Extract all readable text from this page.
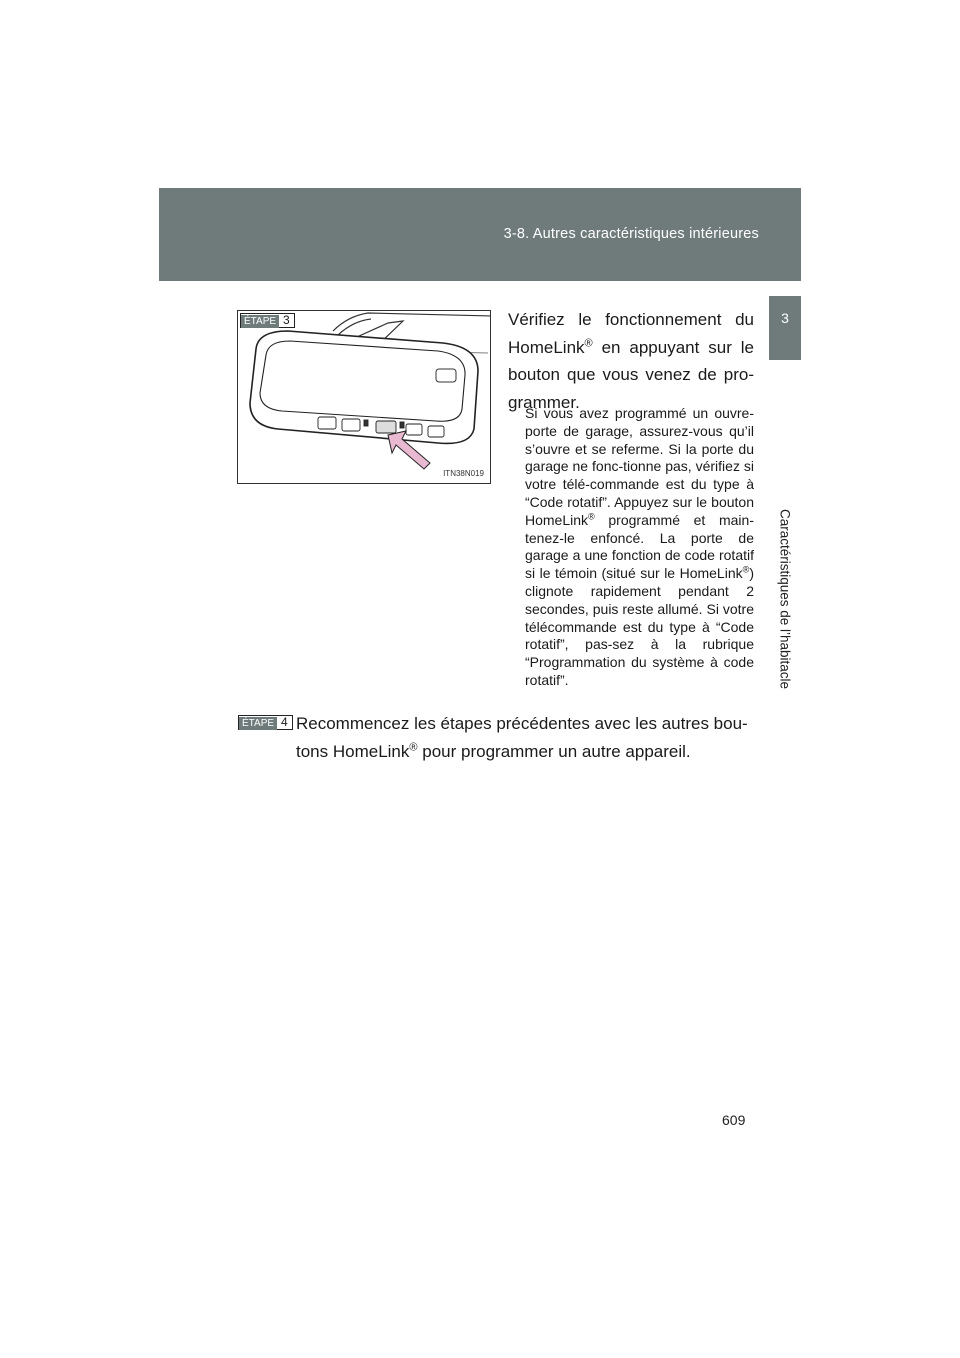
3-8. Autres caractéristiques intérieures
3
Caractéristiques de l’habitacle
ÉTAPE 3
ITN38N019
Vérifiez le fonctionnement du HomeLink® en appuyant sur le bouton que vous venez de pro-grammer.
Si vous avez programmé un ouvre-porte de garage, assurez-vous qu’il s’ouvre et se referme. Si la porte du garage ne fonc-tionne pas, vérifiez si votre télé-commande est du type à “Code rotatif”. Appuyez sur le bouton HomeLink® programmé et main-tenez-le enfoncé. La porte de garage a une fonction de code rotatif si le témoin (situé sur le HomeLink®) clignote rapidement pendant 2 secondes, puis reste allumé. Si votre télécommande est du type à “Code rotatif”, pas-sez à la rubrique “Programmation du système à code rotatif”.
ÉTAPE 4 Recommencez les étapes précédentes avec les autres bou-
tons HomeLink® pour programmer un autre appareil.
609
